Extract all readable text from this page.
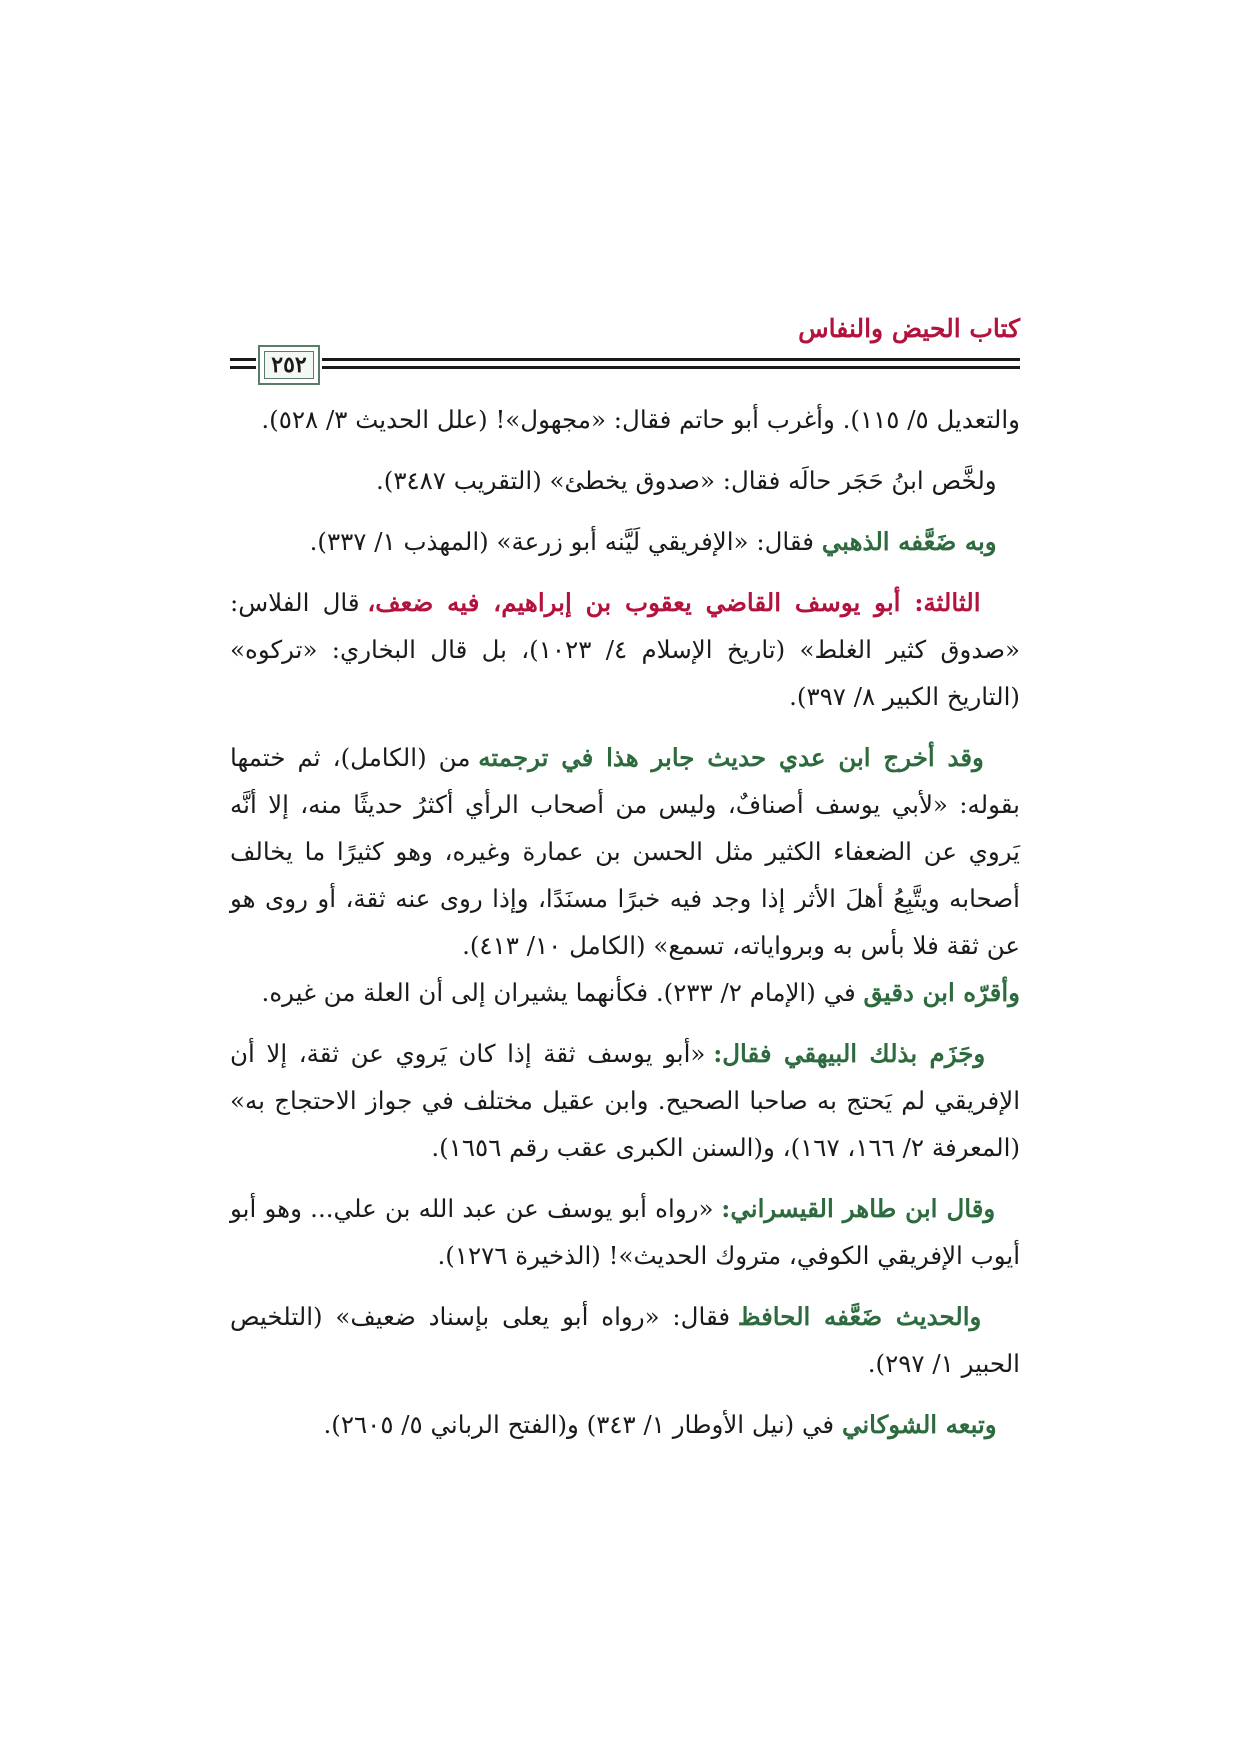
كتاب الحيض والنفاس
٢٥٢

والتعديل ٥/ ١١٥). وأغرب أبو حاتم فقال: «مجهول»! (علل الحديث ٣/ ٥٢٨).

ولخَّص ابنُ حَجَر حالَه فقال: «صدوق يخطئ» (التقريب ٣٤٨٧).

وبه ضَعَّفه الذهبي فقال: «الإفريقي لَيَّنه أبو زرعة» (المهذب ١/ ٣٣٧).

الثالثة: أبو يوسف القاضي يعقوب بن إبراهيم، فيه ضعف، قال الفلاس: «صدوق كثير الغلط» (تاريخ الإسلام ٤/ ١٠٢٣)، بل قال البخاري: «تركوه» (التاريخ الكبير ٨/ ٣٩٧).

وقد أخرج ابن عدي حديث جابر هذا في ترجمته من (الكامل)، ثم ختمها بقوله: «لأبي يوسف أصنافٌ، وليس من أصحاب الرأي أكثرُ حديثًا منه، إلا أنَّه يَروي عن الضعفاء الكثير مثل الحسن بن عمارة وغيره، وهو كثيرًا ما يخالف أصحابه ويتَّبِعُ أهلَ الأثر إذا وجد فيه خبرًا مسنَدًا، وإذا روى عنه ثقة، أو روى هو عن ثقة فلا بأس به وبرواياته، تسمع» (الكامل ١٠/ ٤١٣).
وأقرّه ابن دقيق في (الإمام ٢/ ٢٣٣). فكأنهما يشيران إلى أن العلة من غيره.

وجَزَم بذلك البيهقي فقال: «أبو يوسف ثقة إذا كان يَروي عن ثقة، إلا أن الإفريقي لم يَحتج به صاحبا الصحيح. وابن عقيل مختلف في جواز الاحتجاج به» (المعرفة ٢/ ١٦٦، ١٦٧)، و(السنن الكبرى عقب رقم ١٦٥٦).

وقال ابن طاهر القيسراني: «رواه أبو يوسف عن عبد الله بن علي... وهو أبو أيوب الإفريقي الكوفي، متروك الحديث»! (الذخيرة ١٢٧٦).

والحديث ضَعَّفه الحافظ فقال: «رواه أبو يعلى بإسناد ضعيف» (التلخيص الحبير ١/ ٢٩٧).

وتبعه الشوكاني في (نيل الأوطار ١/ ٣٤٣) و(الفتح الرباني ٥/ ٢٦٠٥).
